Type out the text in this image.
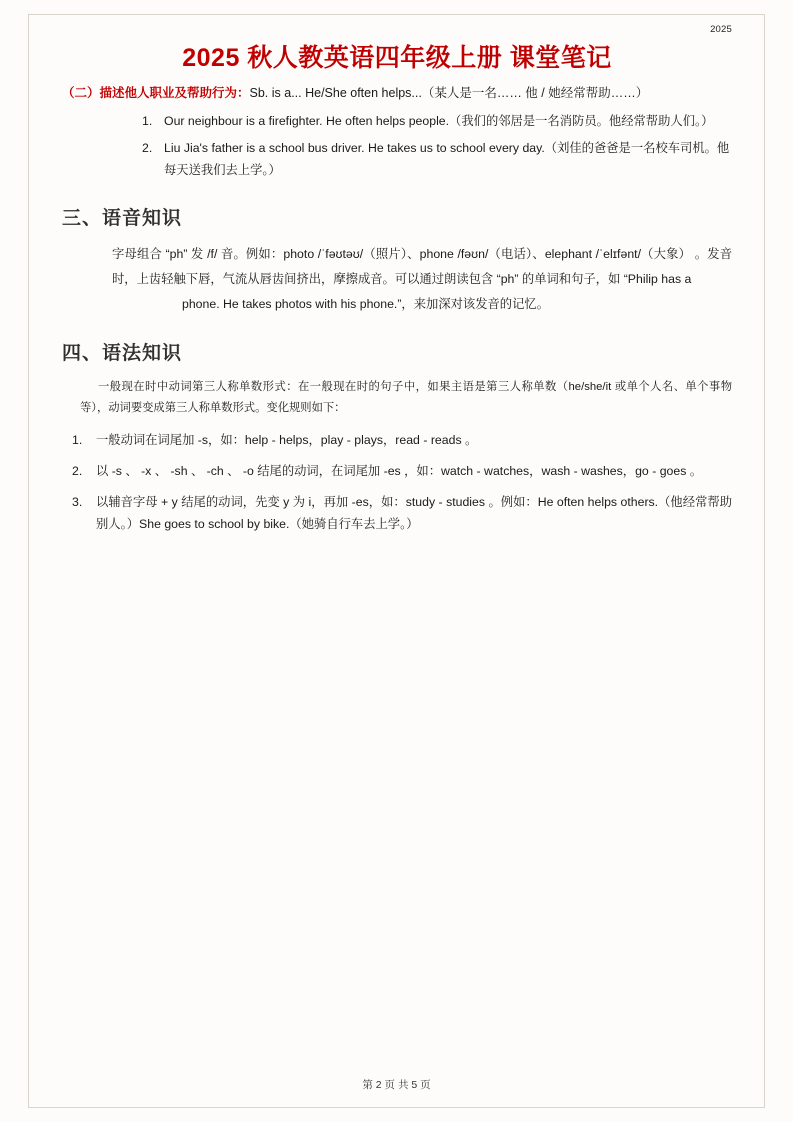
2025
2025 秋人教英语四年级上册 课堂笔记

（二）描述他人职业及帮助行为：Sb. is a... He/She often helps...（某人是一名…… 他 / 她经常帮助……）

1. Our neighbour is a firefighter. He often helps people.（我们的邻居是一名消防员。他经常帮助人们。）
2. Liu Jia's father is a school bus driver. He takes us to school every day.（刘佳的爸爸是一名校车司机。他每天送我们去上学。）
三、语音知识

字母组合 “ph” 发 /f/ 音。例如：photo /ˈfəʊtəʊ/（照片）、phone /fəʊn/（电话）、elephant /ˈelɪfənt/（大象） 。发音时，上齿轻触下唇，气流从唇齿间挤出，摩擦成音。可以通过朗读包含 “ph” 的单词和句子，如 “Philip has a
phone. He takes photos with his phone.”，来加深对该发音的记忆。

四、语法知识

一般现在时中动词第三人称单数形式：在一般现在时的句子中，如果主语是第三人称单数（he/she/it 或单个人名、单个事物等），动词要变成第三人称单数形式。变化规则如下：

1.	一般动词在词尾加 -s，如：help - helps，play - plays，read - reads 。
2.	以 -s 、 -x 、 -sh 、 -ch 、 -o 结尾的动词，在词尾加 -es ，如：watch - watches，wash - washes，go - goes 。
3.	以辅音字母 + y 结尾的动词，先变 y 为 i，再加 -es，如：study - studies 。例如：He often helps others.（他经常帮助别人。）She goes to school by bike.（她骑自行车去上学。）
第 2 页 共 5 页
